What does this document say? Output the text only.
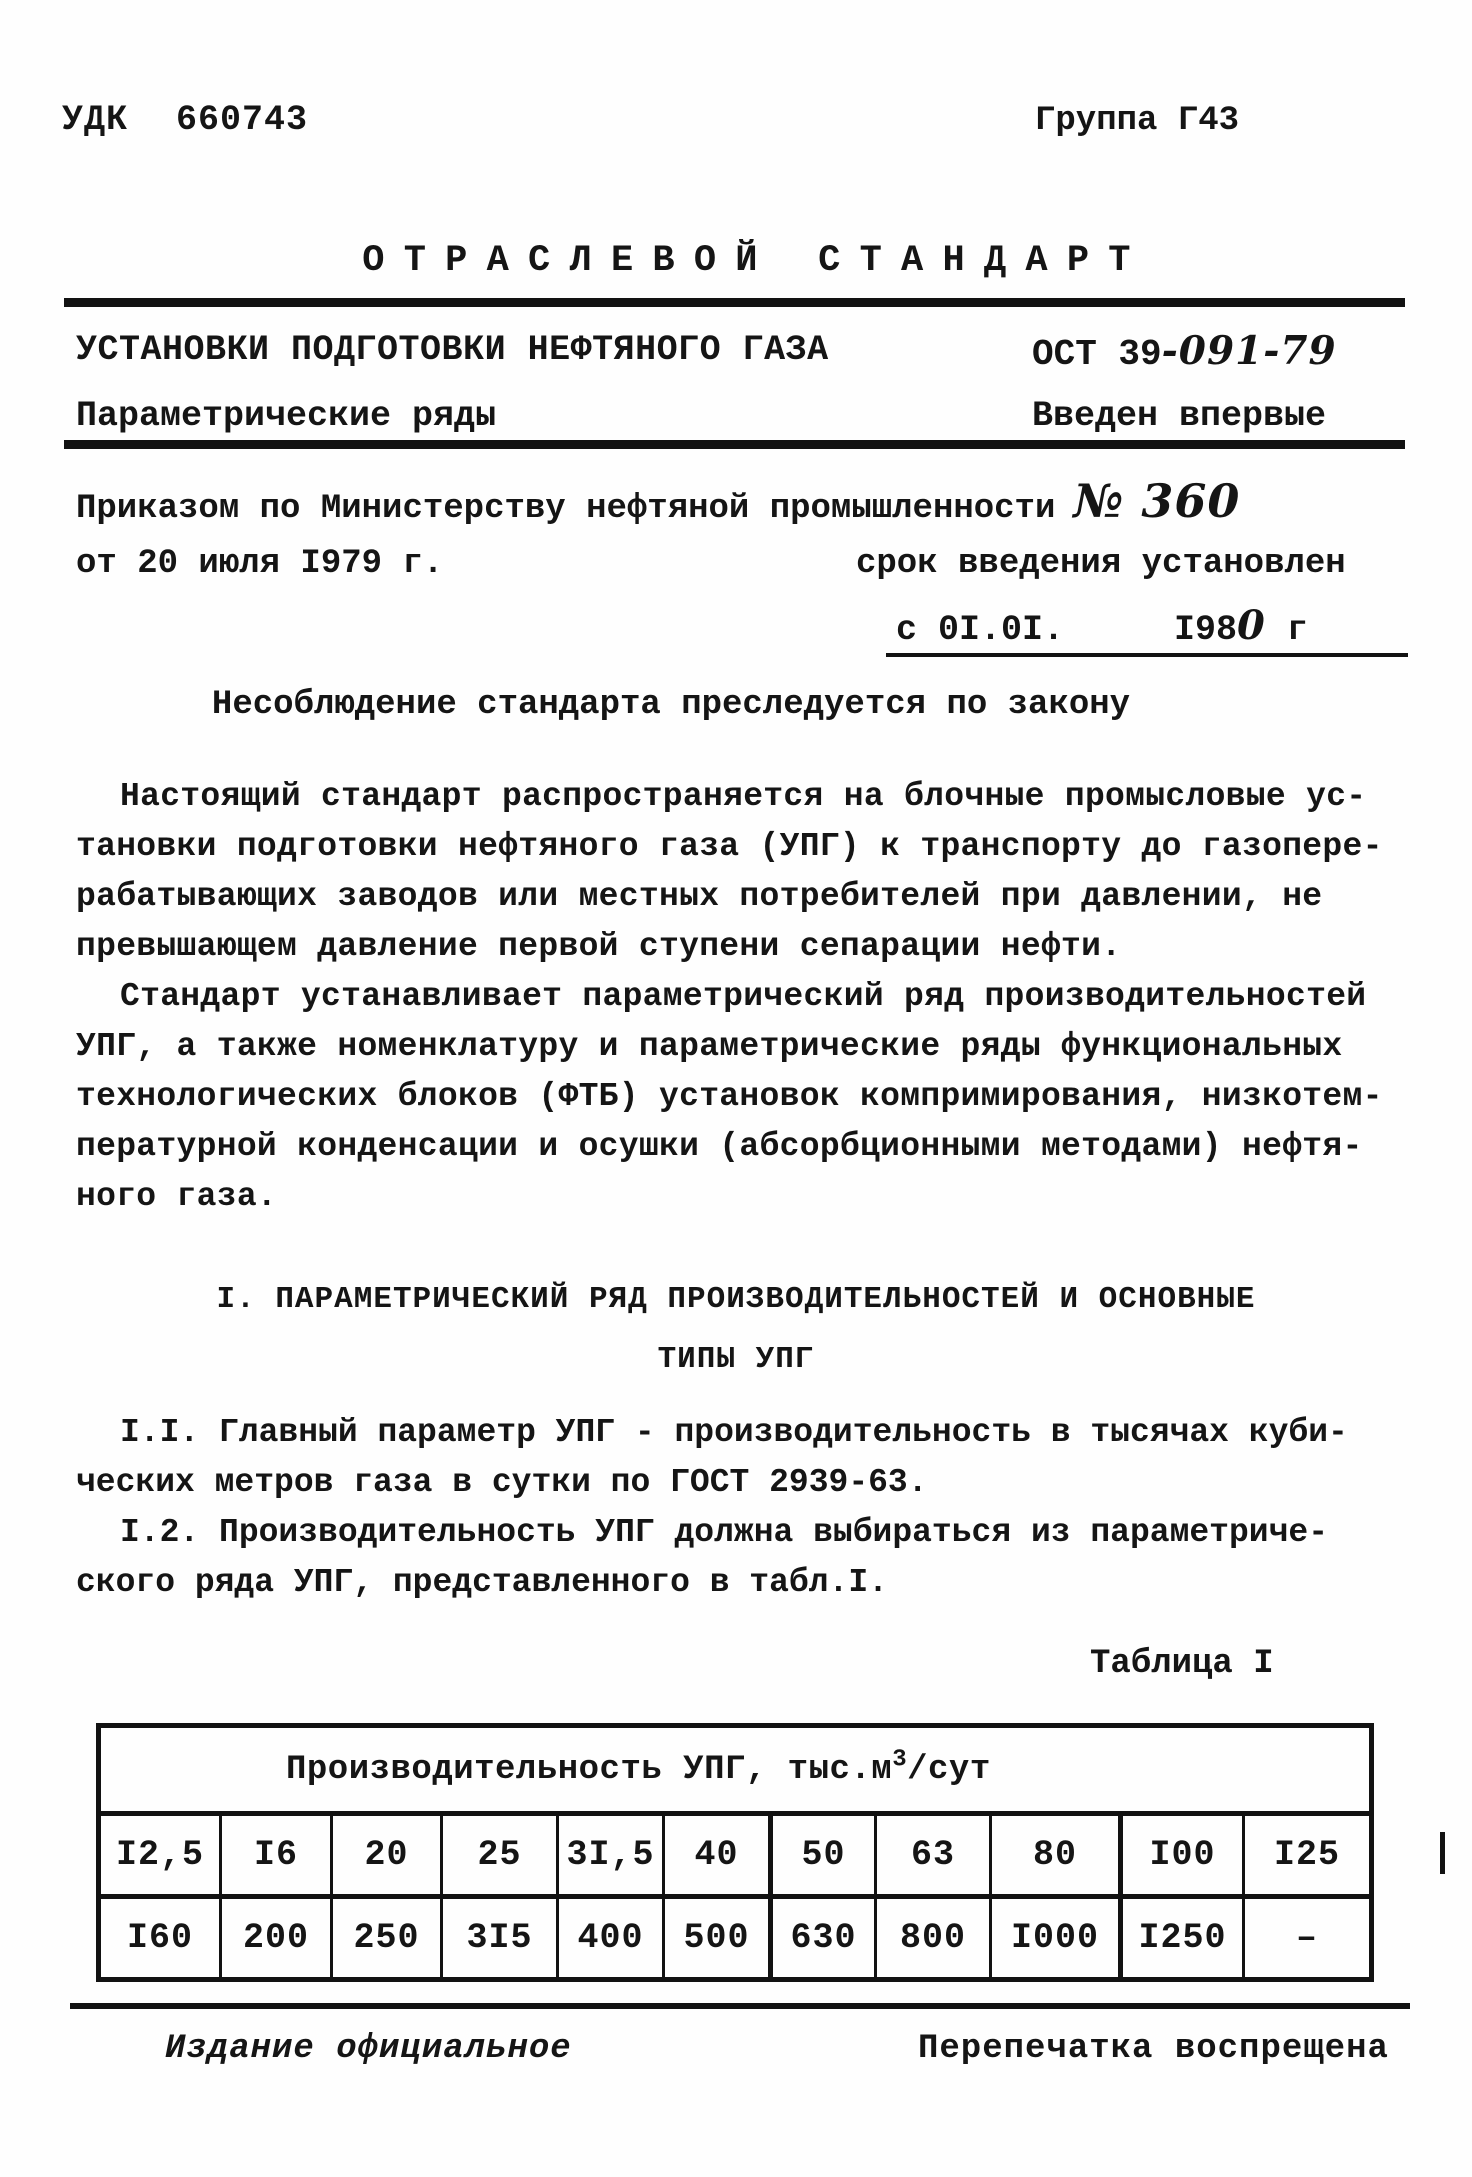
УДК 660743	Группа Г43
ОТРАСЛЕВОЙ СТАНДАРТ
УСТАНОВКИ ПОДГОТОВКИ НЕФТЯНОГО ГАЗА
Параметрические ряды
ОСТ 39-091-79
Введен впервые
Приказом по Министерству нефтяной промышленности № 360
от 20 июля I979 г.	срок введения установлен
с 0I.0I.	I980 г
Несоблюдение стандарта преследуется по закону
Настоящий стандарт распространяется на блочные промысловые ус-
тановки подготовки нефтяного газа (УПГ) к транспорту до газопере-
рабатывающих заводов или местных потребителей при давлении, не
превышающем давление первой ступени сепарации нефти.
Стандарт устанавливает параметрический ряд производительностей
УПГ, а также номенклатуру и параметрические ряды функциональных
технологических блоков (ФТБ) установок компримирования, низкотем-
пературной конденсации и осушки (абсорбционными методами) нефтя-
ного газа.
I. ПАРАМЕТРИЧЕСКИЙ РЯД ПРОИЗВОДИТЕЛЬНОСТЕЙ И ОСНОВНЫЕ
ТИПЫ УПГ
I.I. Главный параметр УПГ - производительность в тысячах куби-
ческих метров газа в сутки по ГОСТ 2939-63.
I.2. Производительность УПГ должна выбираться из параметриче-
ского ряда УПГ, представленного в табл.I.
Таблица I
Производительность УПГ, $тыс.м^3$/сут
I2,5	I6	20	25	3I,5	40	50	63	80	I00	I25
I60	200	250	3I5	400	500	630	800	I000	I250	–
Издание официальное	Перепечатка воспрещена
